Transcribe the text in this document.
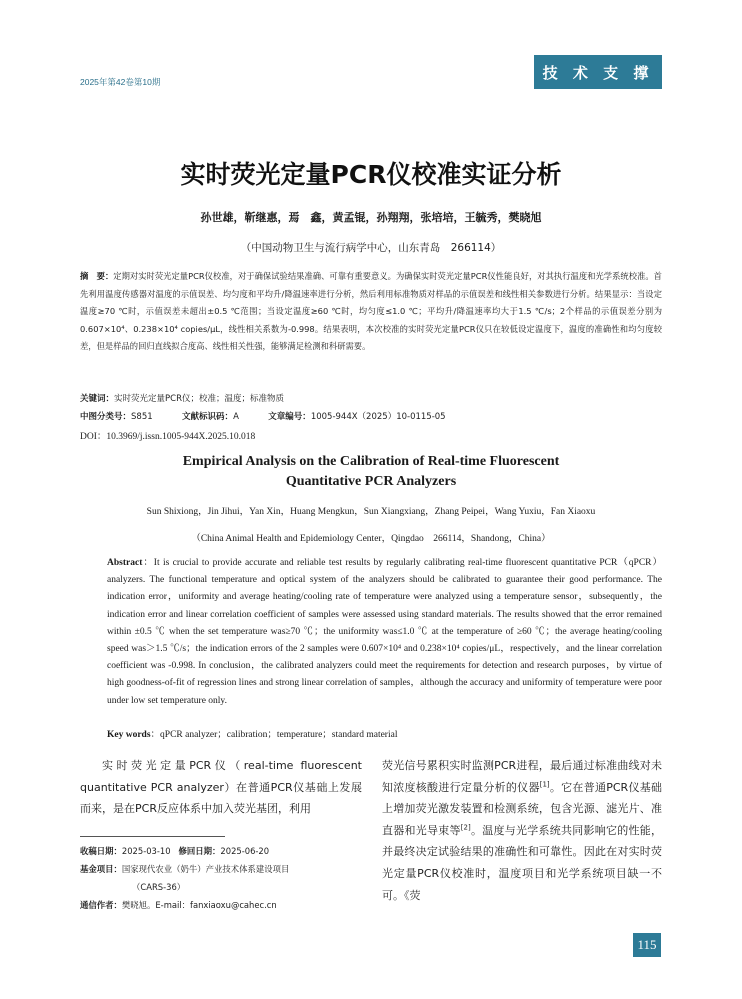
2025年第42卷第10期
技 术 支 撑
实时荧光定量PCR仪校准实证分析
孙世雄，靳继惠，焉　鑫，黄孟锟，孙翔翔，张培培，王毓秀，樊晓旭
（中国动物卫生与流行病学中心，山东青岛　266114）
摘　要：定期对实时荧光定量PCR仪校准，对于确保试验结果准确、可靠有重要意义。为确保实时荧光定量PCR仪性能良好，对其执行温度和光学系统校准。首先利用温度传感器对温度的示值误差、均匀度和平均升/降温速率进行分析，然后利用标准物质对样品的示值误差和线性相关参数进行分析。结果显示：当设定温度≥70 ℃时，示值误差未超出±0.5 ℃范围；当设定温度≥60 ℃时，均匀度≤1.0 ℃；平均升/降温速率均大于1.5 ℃/s；2个样品的示值误差分别为0.607×10⁴、0.238×10⁴ copies/μL，线性相关系数为-0.998。结果表明，本次校准的实时荧光定量PCR仪只在较低设定温度下，温度的准确性和均匀度较差，但是样品的回归直线拟合度高、线性相关性强，能够满足检测和科研需要。
关键词：实时荧光定量PCR仪；校准；温度；标准物质
中图分类号：S851	文献标识码：A	文章编号：1005-944X（2025）10-0115-05
DOI：10.3969/j.issn.1005-944X.2025.10.018
Empirical Analysis on the Calibration of Real-time Fluorescent
Quantitative PCR Analyzers
Sun Shixiong，Jin Jihui，Yan Xin，Huang Mengkun，Sun Xiangxiang，Zhang Peipei，Wang Yuxiu，Fan Xiaoxu
（China Animal Health and Epidemiology Center，Qingdao　266114，Shandong，China）
Abstract：It is crucial to provide accurate and reliable test results by regularly calibrating real-time fluorescent quantitative PCR（qPCR）analyzers. The functional temperature and optical system of the analyzers should be calibrated to guarantee their good performance. The indication error，uniformity and average heating/cooling rate of temperature were analyzed using a temperature sensor，subsequently，the indication error and linear correlation coefficient of samples were assessed using standard materials. The results showed that the error remained within ±0.5 ℃ when the set temperature was≥70 ℃；the uniformity was≤1.0 ℃ at the temperature of ≥60 ℃；the average heating/cooling speed was＞1.5 ℃/s；the indication errors of the 2 samples were 0.607×10⁴ and 0.238×10⁴ copies/μL，respectively，and the linear correlation coefficient was -0.998. In conclusion，the calibrated analyzers could meet the requirements for detection and research purposes，by virtue of high goodness-of-fit of regression lines and strong linear correlation of samples，although the accuracy and uniformity of temperature were poor under low set temperature only.
Key words：qPCR analyzer；calibration；temperature；standard material
实时荧光定量PCR仪（real-time fluorescent quantitative PCR analyzer）在普通PCR仪基础上发展而来，是在PCR反应体系中加入荧光基团，利用
荧光信号累积实时监测PCR进程，最后通过标准曲线对未知浓度核酸进行定量分析的仪器[1]。它在普通PCR仪基础上增加荧光激发装置和检测系统，包含光源、滤光片、准直器和光导束等[2]。温度与光学系统共同影响它的性能，并最终决定试验结果的准确性和可靠性。因此在对实时荧光定量PCR仪校准时，温度项目和光学系统项目缺一不可。《荧
收稿日期： 2025-03-10 修回日期： 2025-06-20
基金项目： 国家现代农业（奶牛）产业技术体系建设项目
（CARS-36）
通信作者： 樊晓旭。E-mail：fanxiaoxu@cahec.cn
115
